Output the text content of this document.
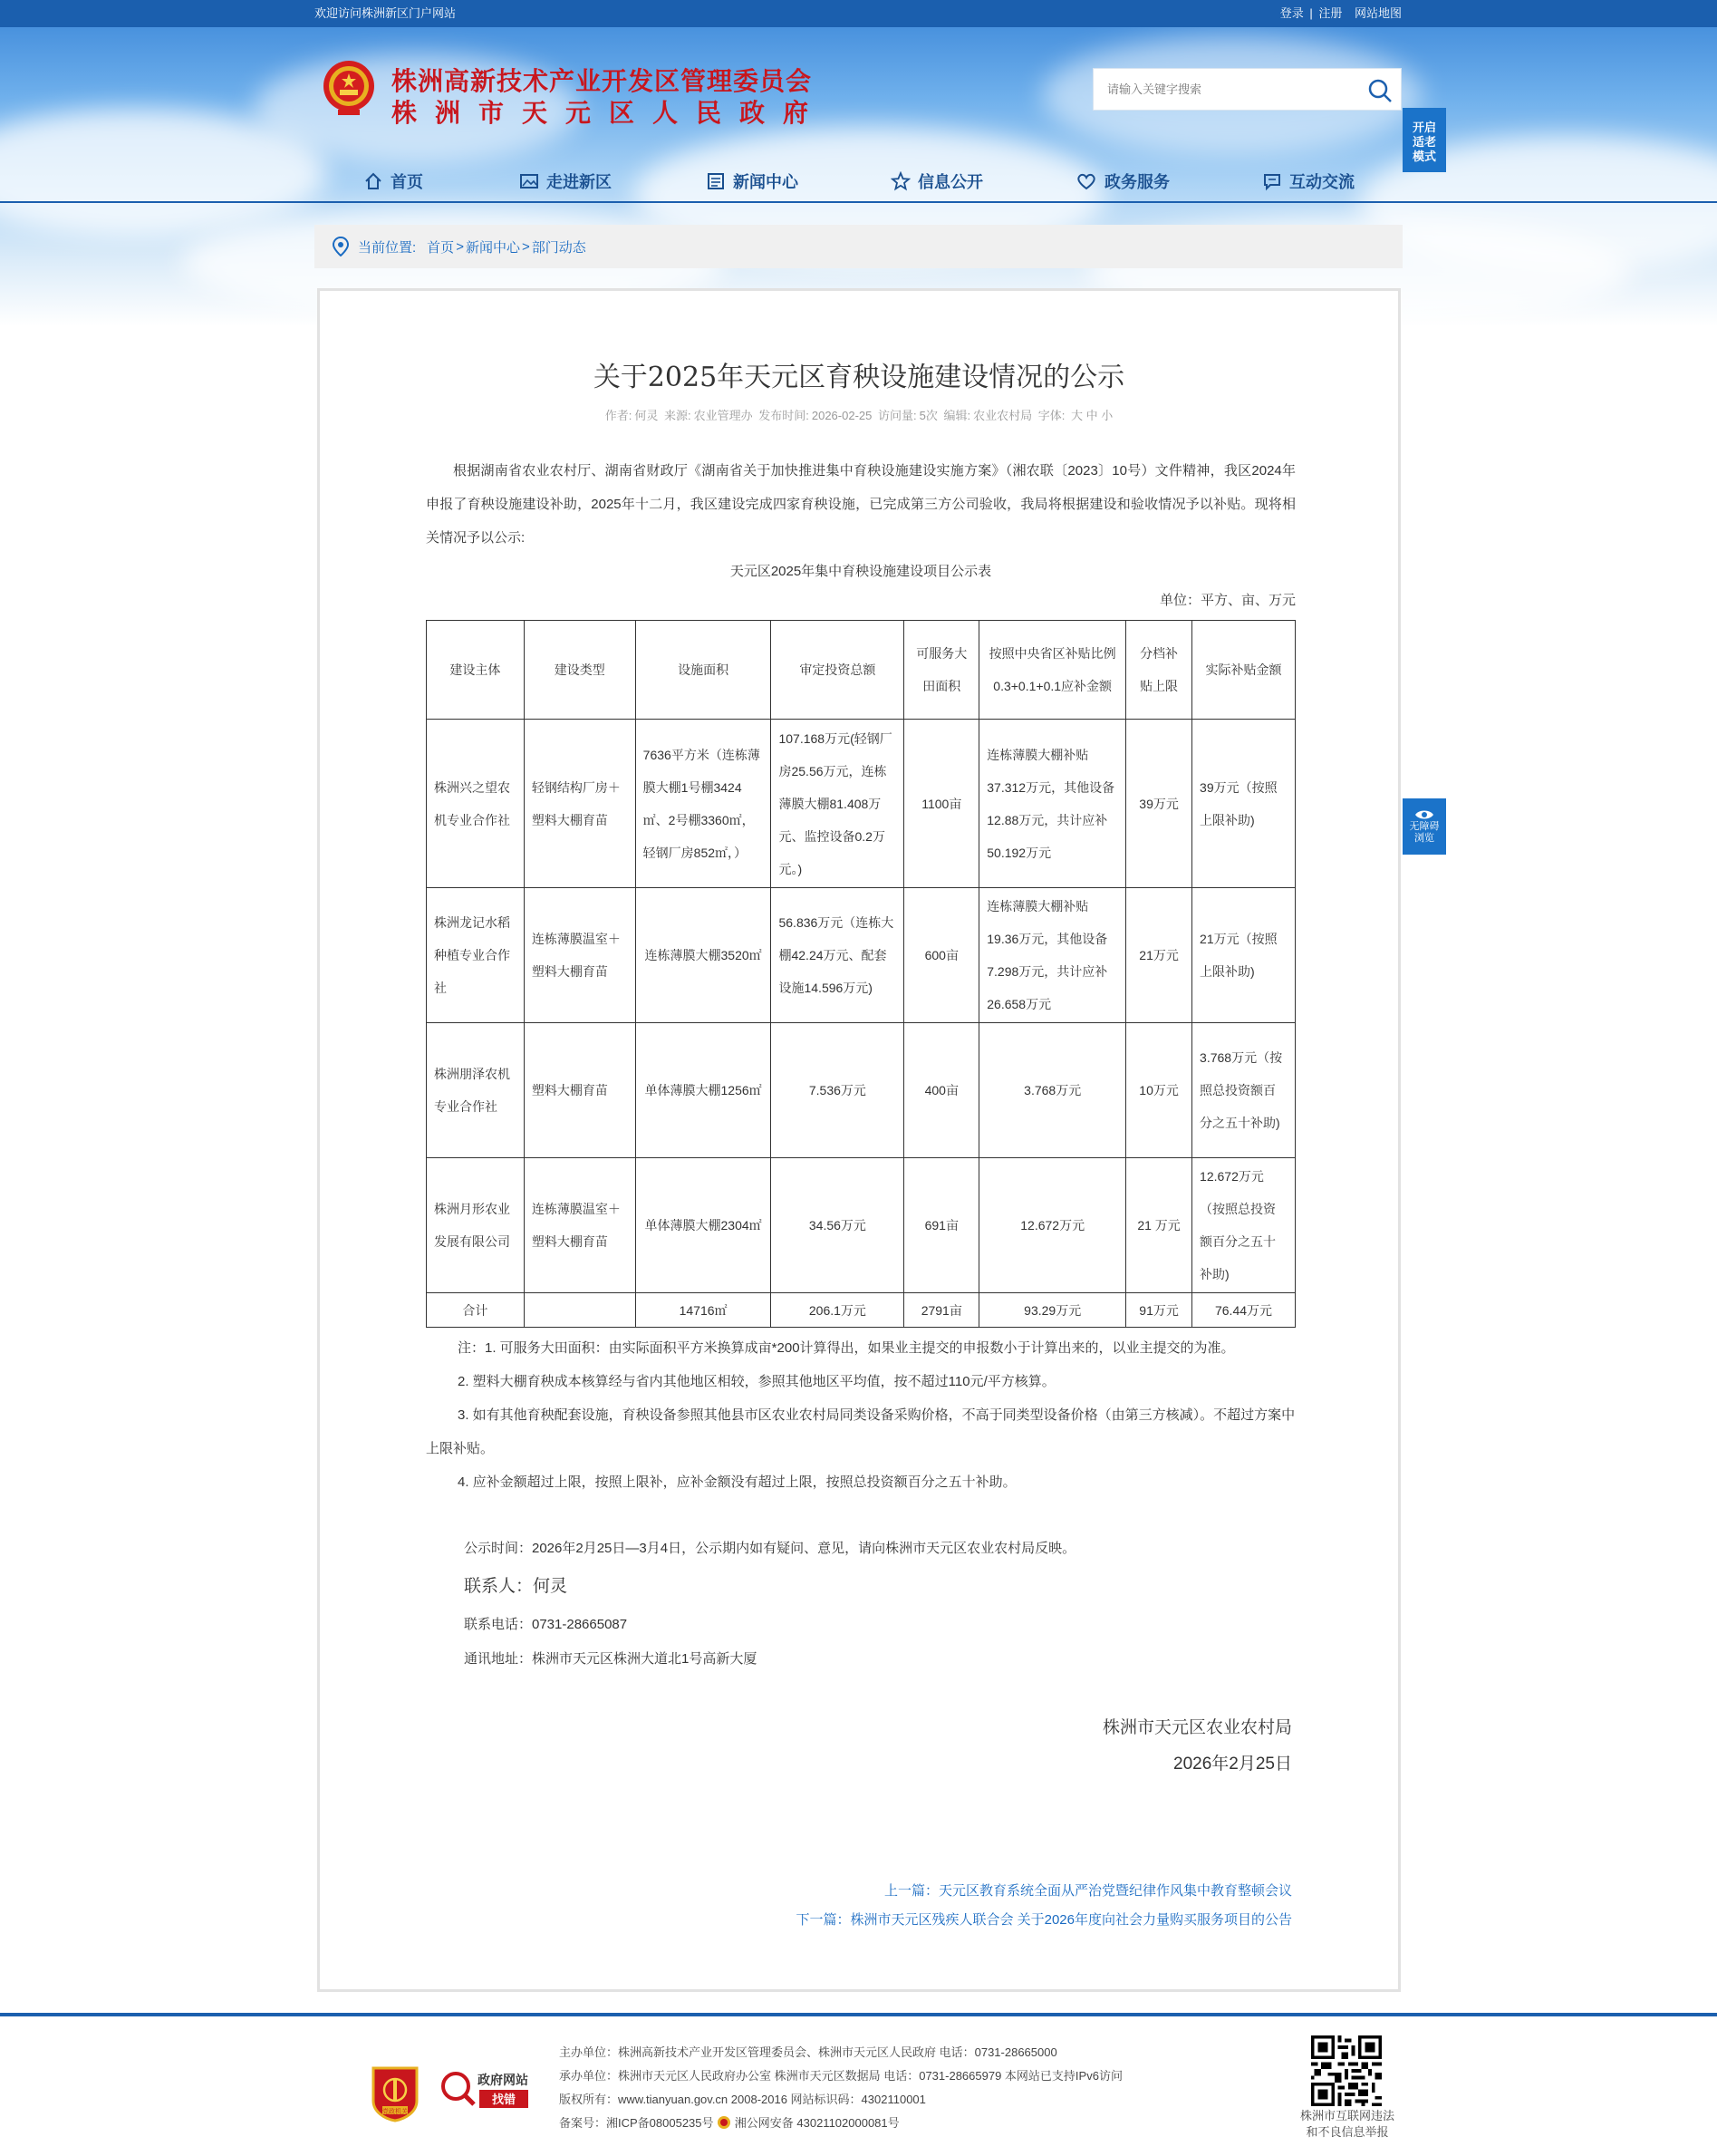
欢迎访问株洲新区门户网站	登录 | 注册 网站地图
株洲高新技术产业开发区管理委员会
株洲市天元区人民政府
请输入关键字搜索	开启
适老
模式
首页	走进新区	新闻中心	信息公开	政务服务	互动交流
当前位置: 首页 > 新闻中心 > 部门动态
关于2025年天元区育秧设施建设情况的公示
作者: 何灵 来源: 农业管理办 发布时间: 2026-02-25 访问量: 5次 编辑: 农业农村局 字体: 大 中 小

根据湖南省农业农村厅、湖南省财政厅《湖南省关于加快推进集中育秧设施建设实施方案》（湘农联〔2023〕10号）文件精神，我区2024年申报了育秧设施建设补助，2025年十二月，我区建设完成四家育秧设施，已完成第三方公司验收，我局将根据建设和验收情况予以补贴。现将相关情况予以公示:

天元区2025年集中育秧设施建设项目公示表
单位：平方、亩、万元
建设主体	建设类型	设施面积	审定投资总额	可服务大田面积	按照中央省区补贴比例0.3+0.1+0.1应补金额	分档补贴上限	实际补贴金额
株洲兴之望农机专业合作社	轻钢结构厂房＋塑料大棚育苗	7636平方米（连栋薄膜大棚1号棚3424㎡、2号棚3360㎡，轻钢厂房852㎡，）	107.168万元(轻钢厂房25.56万元，连栋薄膜大棚81.408万元、监控设备0.2万元。)	1100亩	连栋薄膜大棚补贴37.312万元，其他设备12.88万元，共计应补50.192万元	39万元	39万元（按照上限补助)
株洲龙记水稻种植专业合作社	连栋薄膜温室＋塑料大棚育苗	连栋薄膜大棚3520㎡	56.836万元（连栋大棚42.24万元、配套设施14.596万元)	600亩	连栋薄膜大棚补贴19.36万元，其他设备7.298万元，共计应补26.658万元	21万元	21万元（按照上限补助)
株洲朋泽农机专业合作社	塑料大棚育苗	单体薄膜大棚1256㎡	7.536万元	400亩	3.768万元	10万元	3.768万元（按照总投资额百分之五十补助)
株洲月形农业发展有限公司	连栋薄膜温室＋塑料大棚育苗	单体薄膜大棚2304㎡	34.56万元	691亩	12.672万元	21 万元	12.672万元（按照总投资额百分之五十补助)
合计		14716㎡	206.1万元	2791亩	93.29万元	91万元	76.44万元
注：1. 可服务大田面积：由实际面积平方米换算成亩*200计算得出，如果业主提交的申报数小于计算出来的，以业主提交的为准。
2. 塑料大棚育秧成本核算经与省内其他地区相较，参照其他地区平均值，按不超过110元/平方核算。
3. 如有其他育秧配套设施，育秧设备参照其他县市区农业农村局同类设备采购价格，不高于同类型设备价格（由第三方核减）。不超过方案中上限补贴。
4. 应补金额超过上限，按照上限补，应补金额没有超过上限，按照总投资额百分之五十补助。
公示时间：2026年2月25日—3月4日，公示期内如有疑问、意见，请向株洲市天元区农业农村局反映。
联系人：何灵
联系电话：0731-28665087
通讯地址：株洲市天元区株洲大道北1号高新大厦
株洲市天元区农业农村局
2026年2月25日
上一篇：天元区教育系统全面从严治党暨纪律作风集中教育整顿会议
下一篇：株洲市天元区残疾人联合会 关于2026年度向社会力量购买服务项目的公告
无障碍
浏览
党政机关
政府网站
找错
主办单位：株洲高新技术产业开发区管理委员会、株洲市天元区人民政府 电话：0731-28665000
承办单位：株洲市天元区人民政府办公室 株洲市天元区数据局 电话：0731-28665979 本网站已支持IPv6访问
版权所有：www.tianyuan.gov.cn 2008-2016 网站标识码：4302110001
备案号：湘ICP备08005235号 湘公网安备 43021102000081号
株洲市互联网违法
和不良信息举报
